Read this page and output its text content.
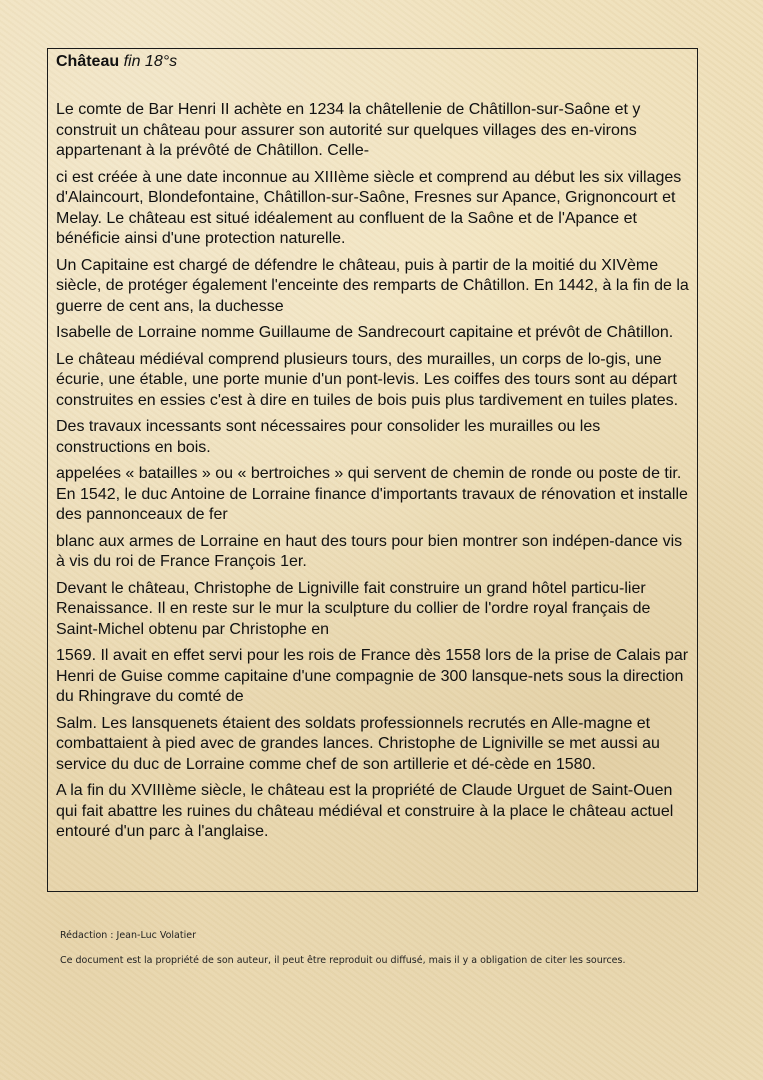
Château fin 18°s

Le comte de Bar Henri II achète en 1234 la châtellenie de Châtillon-sur-Saône et y construit un château pour assurer son autorité sur quelques villages des en-virons appartenant à la prévôté de Châtillon. Celle-

ci est créée à une date inconnue au XIIIème siècle et comprend au début les six villages d'Alaincourt, Blondefontaine, Châtillon-sur-Saône, Fresnes sur Apance, Grignoncourt et Melay. Le château est situé idéalement au confluent de la Saône et de l'Apance et bénéficie ainsi d'une protection naturelle.

Un Capitaine est chargé de défendre le château, puis à partir de la moitié du XIVème siècle, de protéger également l'enceinte des remparts de Châtillon. En 1442, à la fin de la guerre de cent ans, la duchesse

Isabelle de Lorraine nomme Guillaume de Sandrecourt capitaine et prévôt de Châtillon.

Le château médiéval comprend plusieurs tours, des murailles, un corps de lo-gis, une écurie, une étable, une porte munie d'un pont-levis. Les coiffes des tours sont au départ construites en essies c'est à dire en tuiles de bois puis plus tardivement en tuiles plates.

Des travaux incessants sont nécessaires pour consolider les murailles ou les constructions en bois.

appelées « batailles » ou « bertroiches » qui servent de chemin de ronde ou poste de tir. En 1542, le duc Antoine de Lorraine finance d'importants travaux de rénovation et installe des pannonceaux de fer

blanc aux armes de Lorraine en haut des tours pour bien montrer son indépen-dance vis à vis du roi de France François 1er.

Devant le château, Christophe de Ligniville fait construire un grand hôtel particu-lier Renaissance. Il en reste sur le mur la sculpture du collier de l'ordre royal français de Saint-Michel obtenu par Christophe en

1569. Il avait en effet servi pour les rois de France dès 1558 lors de la prise de Calais par Henri de Guise comme capitaine d'une compagnie de 300 lansque-nets sous la direction du Rhingrave du comté de

Salm. Les lansquenets étaient des soldats professionnels recrutés en Alle-magne et combattaient à pied avec de grandes lances. Christophe de Ligniville se met aussi au service du duc de Lorraine comme chef de son artillerie et dé-cède en 1580.

A la fin du XVIIIème siècle, le château est la propriété de Claude Urguet de Saint-Ouen qui fait abattre les ruines du château médiéval et construire à la place le château actuel entouré d'un parc à l'anglaise.

Rédaction : Jean-Luc Volatier

Ce document est la propriété de son auteur, il peut être reproduit ou diffusé, mais il y a obligation de citer les sources.
